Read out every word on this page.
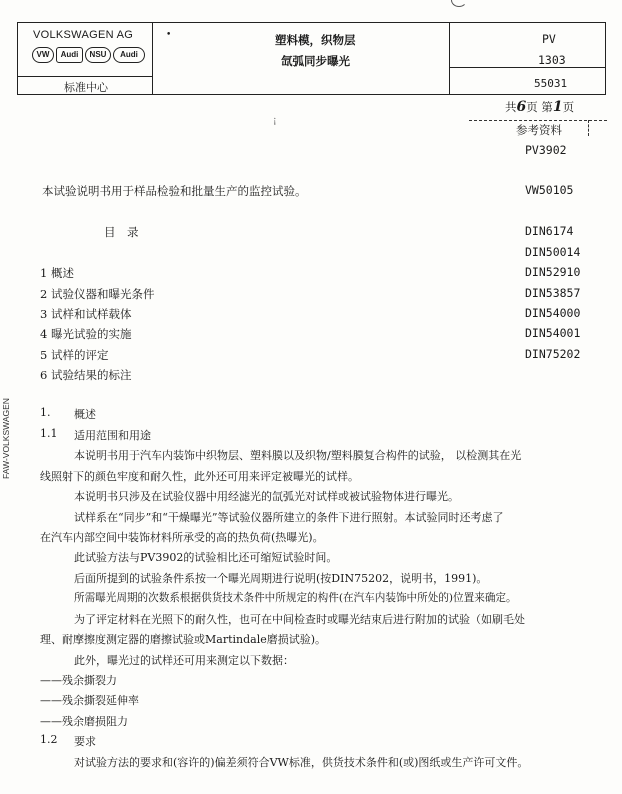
VOLKSWAGEN AG
VW	Audi	NSU	Audi
标准中心
•	塑料模，织物层
氙弧同步曝光
PV
1303
55031
共6页 第1页
¡
参考资料
PV3902
VW50105
DIN6174
DIN50014
DIN52910
DIN53857
DIN54000
DIN54001
DIN75202
本试验说明书用于样品检验和批量生产的监控试验。
目　录
1 概述
2 试验仪器和曝光条件
3 试样和试样载体
4 曝光试验的实施
5 试样的评定
6 试验结果的标注
FAW-VOLKSWAGEN	1. 概述
1.1 适用范围和用途
本说明书用于汽车内装饰中织物层、塑料膜以及织物/塑料膜复合构件的试验， 以检测其在光
线照射下的颜色牢度和耐久性，此外还可用来评定被曝光的试样。
本说明书只涉及在试验仪器中用经滤光的氙弧光对试样或被试验物体进行曝光。
试样系在“同步”和“干燥曝光”等试验仪器所建立的条件下进行照射。本试验同时还考虑了
在汽车内部空间中装饰材料所承受的高的热负荷(热曝光)。
此试验方法与PV3902的试验相比还可缩短试验时间。
后面所提到的试验条件系按一个曝光周期进行说明(按DIN75202，说明书，1991)。
所需曝光周期的次数系根据供货技术条件中所规定的构件(在汽车内装饰中所处的)位置来确定。
为了评定材料在光照下的耐久性，也可在中间检查时或曝光结束后进行附加的试验（如刷毛处
理、耐摩擦度测定器的磨擦试验或Martindale磨损试验)。
此外，曝光过的试样还可用来测定以下数据：
——残余撕裂力
——残余撕裂延伸率
——残余磨损阻力
1.2 要求
对试验方法的要求和(容许的)偏差须符合VW标准，供货技术条件和(或)图纸或生产许可文件。
